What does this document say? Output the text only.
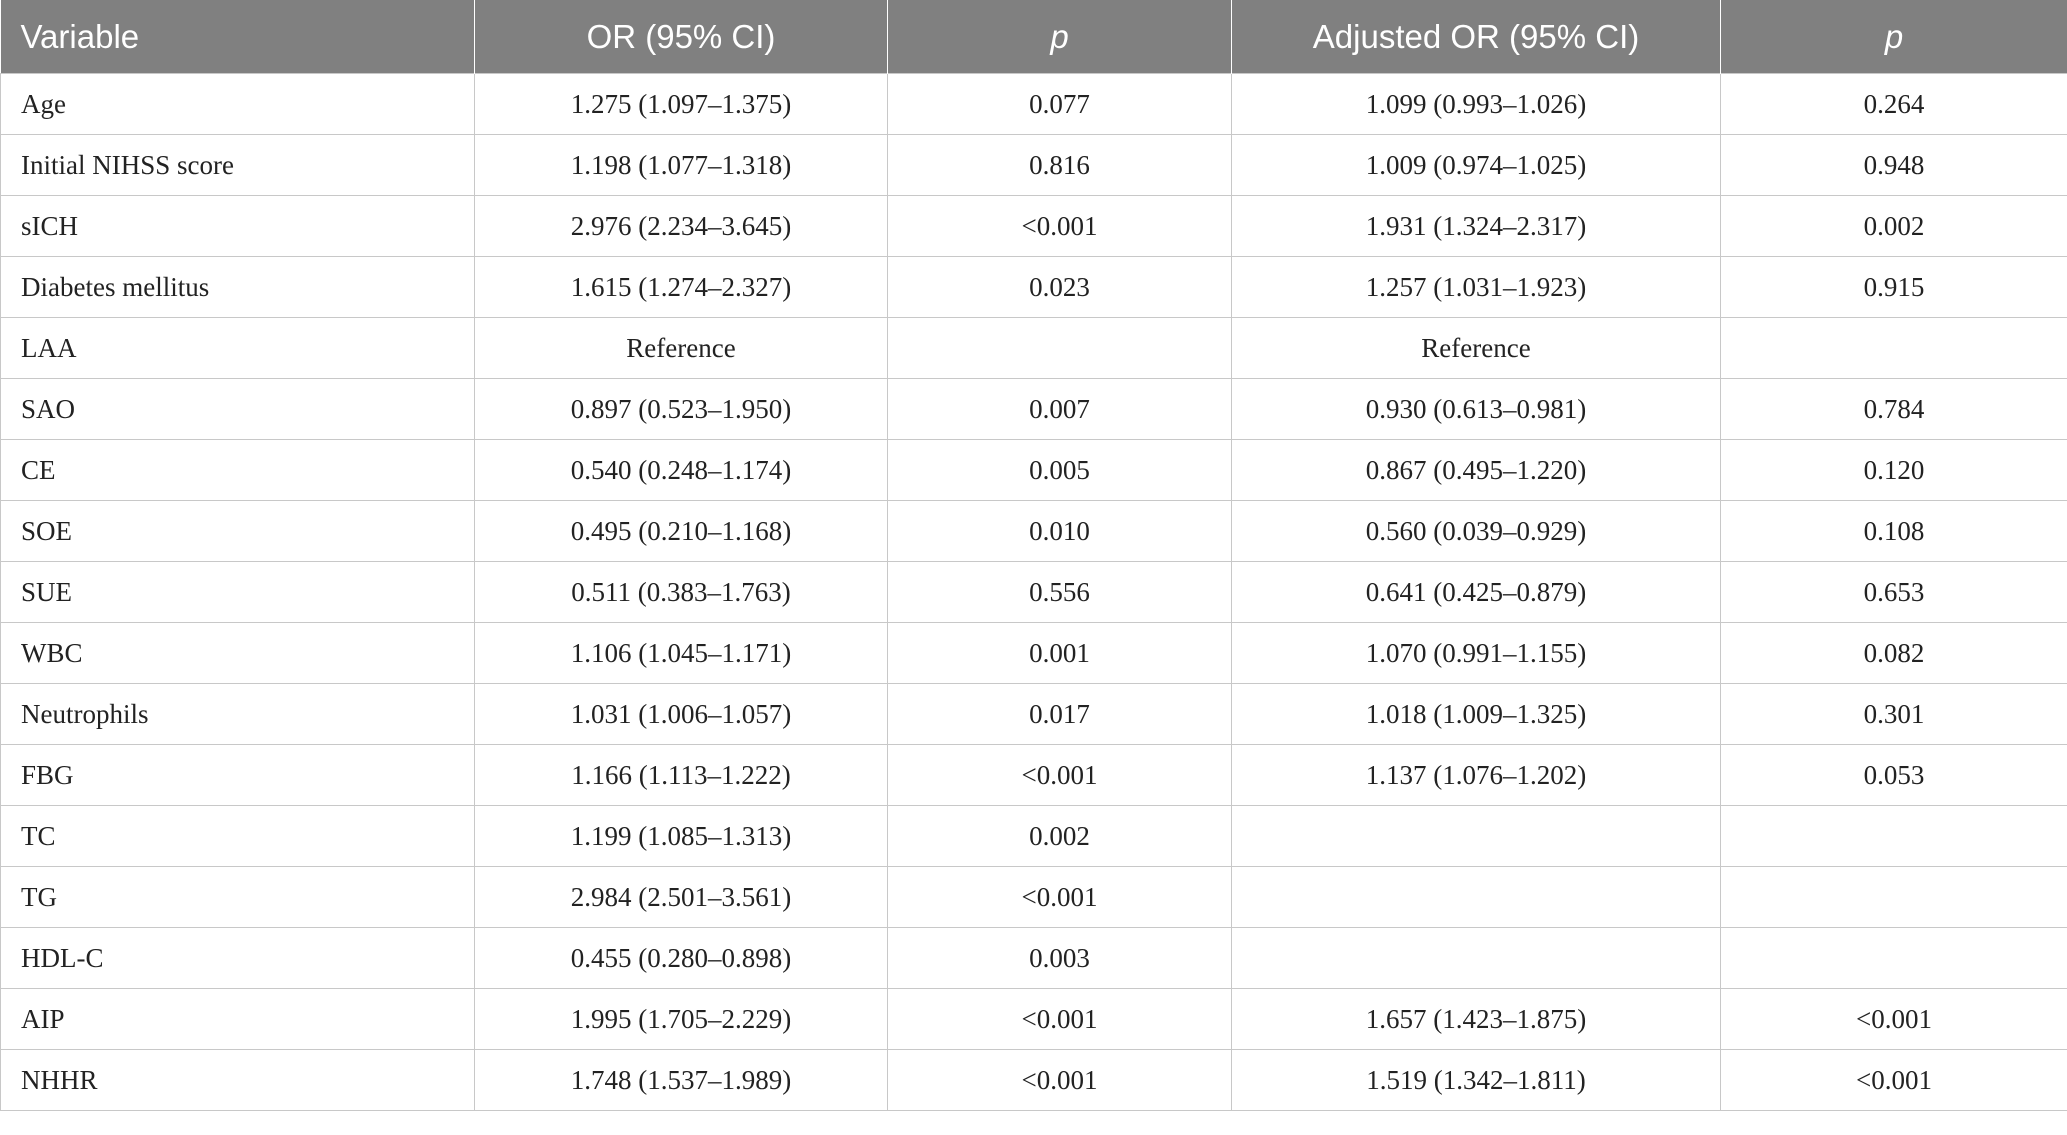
Variable	OR (95% CI)	p	Adjusted OR (95% CI)	p
Age	1.275 (1.097–1.375)	0.077	1.099 (0.993–1.026)	0.264
Initial NIHSS score	1.198 (1.077–1.318)	0.816	1.009 (0.974–1.025)	0.948
sICH	2.976 (2.234–3.645)	<0.001	1.931 (1.324–2.317)	0.002
Diabetes mellitus	1.615 (1.274–2.327)	0.023	1.257 (1.031–1.923)	0.915
LAA	Reference		Reference	
SAO	0.897 (0.523–1.950)	0.007	0.930 (0.613–0.981)	0.784
CE	0.540 (0.248–1.174)	0.005	0.867 (0.495–1.220)	0.120
SOE	0.495 (0.210–1.168)	0.010	0.560 (0.039–0.929)	0.108
SUE	0.511 (0.383–1.763)	0.556	0.641 (0.425–0.879)	0.653
WBC	1.106 (1.045–1.171)	0.001	1.070 (0.991–1.155)	0.082
Neutrophils	1.031 (1.006–1.057)	0.017	1.018 (1.009–1.325)	0.301
FBG	1.166 (1.113–1.222)	<0.001	1.137 (1.076–1.202)	0.053
TC	1.199 (1.085–1.313)	0.002		
TG	2.984 (2.501–3.561)	<0.001		
HDL-C	0.455 (0.280–0.898)	0.003		
AIP	1.995 (1.705–2.229)	<0.001	1.657 (1.423–1.875)	<0.001
NHHR	1.748 (1.537–1.989)	<0.001	1.519 (1.342–1.811)	<0.001
